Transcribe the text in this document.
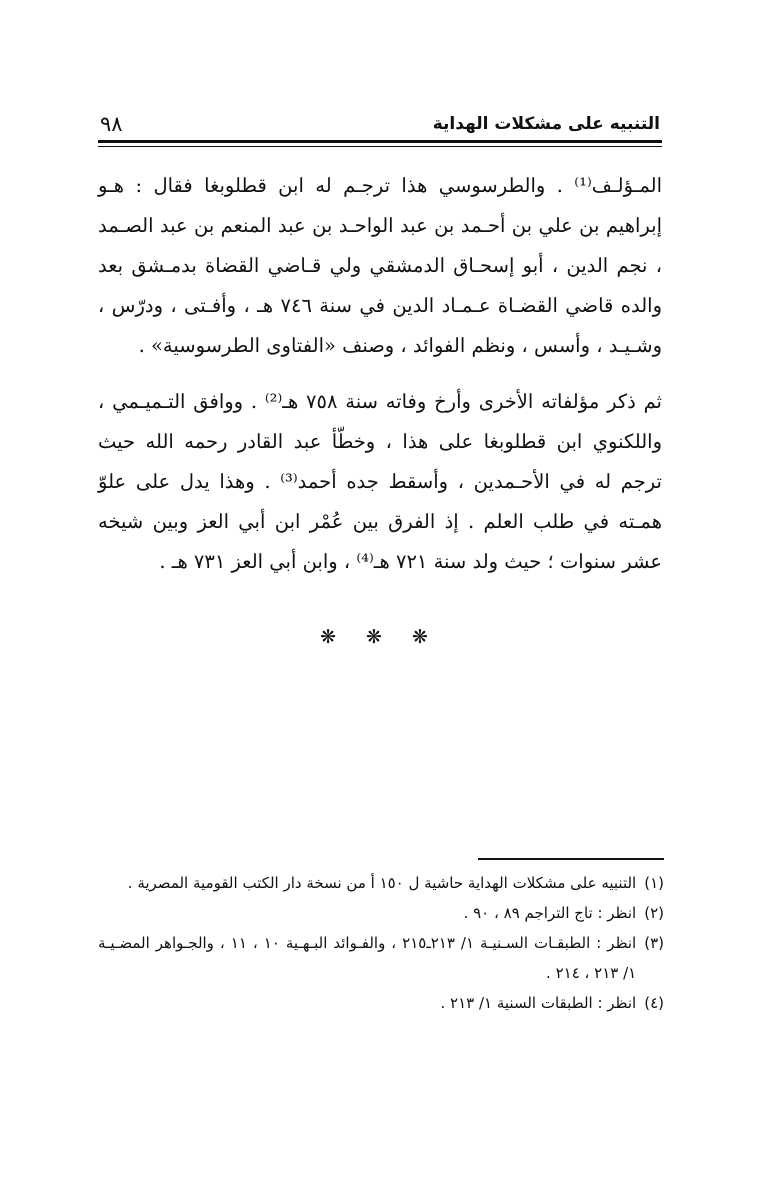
٩٨	التنبيه على مشكلات الهداية

المـؤلـف⁽¹⁾ . والطرسوسي هذا ترجـم له ابن قطلوبغا فقال : هـو إبراهيم بن علي بن أحـمد بن عبد الواحـد بن عبد المنعم بن عبد الصـمد ، نجم الدين ، أبو إسحـاق الدمشقي ولي قـاضي القضاة بدمـشق بعد والده قاضي القضـاة عـمـاد الدين في سنة ٧٤٦ هـ ، وأفـتى ، ودرّس ، وشـيـد ، وأسس ، ونظم الفوائد ، وصنف «الفتاوى الطرسوسية» .

ثم ذكر مؤلفاته الأخرى وأرخ وفاته سنة ٧٥٨ هـ⁽²⁾ . ووافق التـميـمي ، واللكنوي ابن قطلوبغا على هذا ، وخطّأ عبد القادر رحمه الله حيث ترجم له في الأحـمدين ، وأسقط جده أحمد⁽³⁾ . وهذا يدل على علوّ همـته في طلب العلم . إذ الفرق بين عُمْر ابن أبي العز وبين شيخه عشر سنوات ؛ حيث ولد سنة ٧٢١ هـ⁽⁴⁾ ، وابن أبي العز ٧٣١ هـ .

❋ ❋ ❋
(١)
التنبيه على مشكلات الهداية حاشية ل ١٥٠ أ من نسخة دار الكتب القومية المصرية .
(٢)
انظر : تاج التراجم ٨٩ ، ٩٠ .
(٣)
انظر : الطبقـات السـنيـة ١/ ٢١٣ـ٢١٥ ، والفـوائد البـهـية ١٠ ، ١١ ، والجـواهر المضـيـة ١/ ٢١٣ ، ٢١٤ .
(٤)
انظر : الطبقات السنية ١/ ٢١٣ .
